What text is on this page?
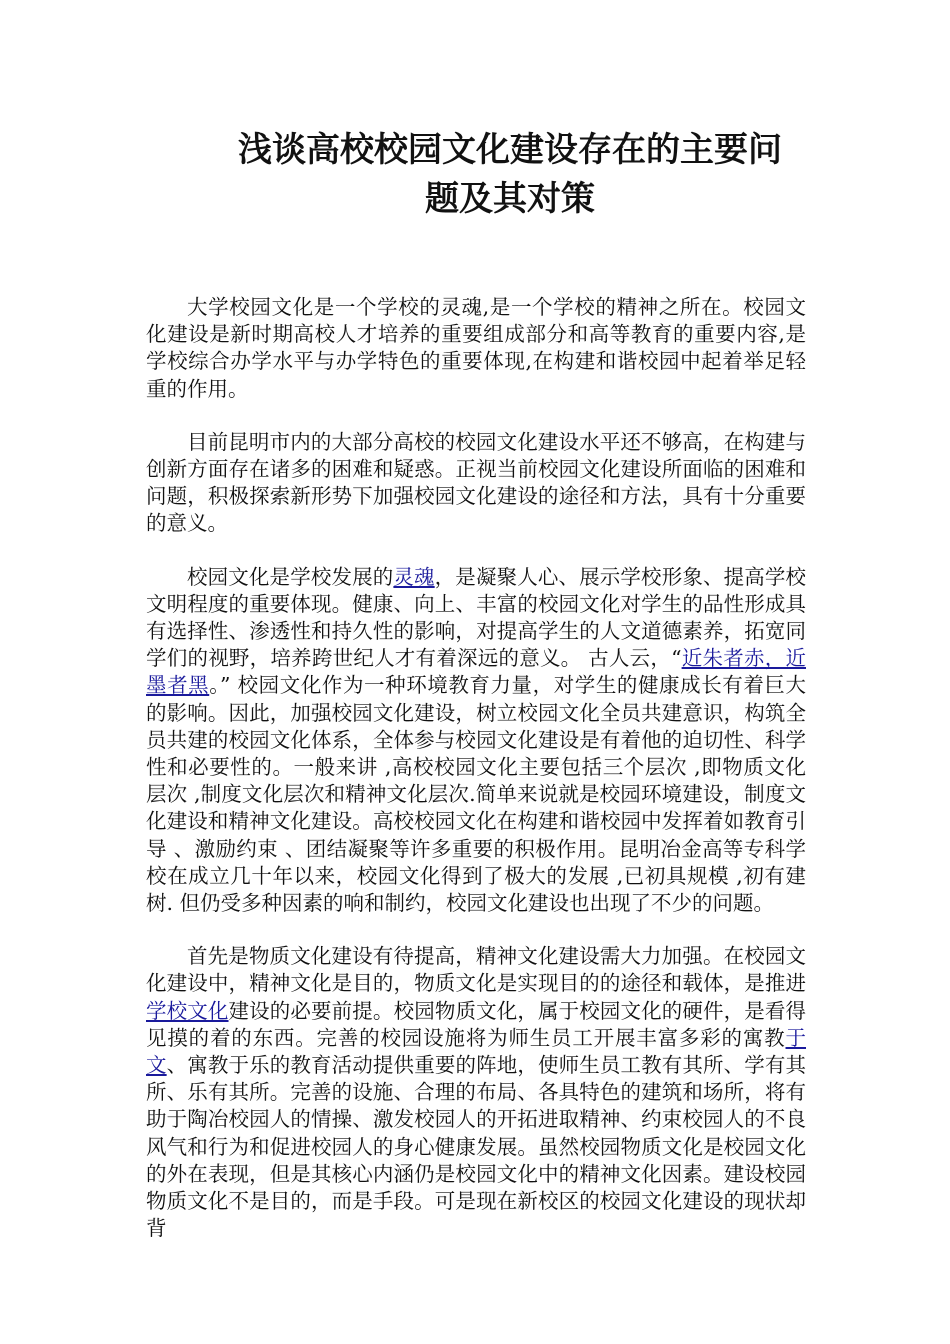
浅谈高校校园文化建设存在的主要问
题及其对策

大学校园文化是一个学校的灵魂,是一个学校的精神之所在。校园文化建设是新时期高校人才培养的重要组成部分和高等教育的重要内容,是学校综合办学水平与办学特色的重要体现,在构建和谐校园中起着举足轻重的作用。

目前昆明市内的大部分高校的校园文化建设水平还不够高，在构建与创新方面存在诸多的困难和疑惑。正视当前校园文化建设所面临的困难和问题，积极探索新形势下加强校园文化建设的途径和方法，具有十分重要的意义。

校园文化是学校发展的灵魂，是凝聚人心、展示学校形象、提高学校文明程度的重要体现。健康、向上、丰富的校园文化对学生的品性形成具有选择性、渗透性和持久性的影响，对提高学生的人文道德素养，拓宽同学们的视野，培养跨世纪人才有着深远的意义。 古人云，“近朱者赤，近墨者黑。” 校园文化作为一种环境教育力量，对学生的健康成长有着巨大的影响。因此，加强校园文化建设，树立校园文化全员共建意识，构筑全员共建的校园文化体系，全体参与校园文化建设是有着他的迫切性、科学性和必要性的。一般来讲 ,高校校园文化主要包括三个层次 ,即物质文化层次 ,制度文化层次和精神文化层次.简单来说就是校园环境建设，制度文化建设和精神文化建设。高校校园文化在构建和谐校园中发挥着如教育引导 、激励约束 、团结凝聚等许多重要的积极作用。昆明冶金高等专科学校在成立几十年以来，校园文化得到了极大的发展 ,已初具规模 ,初有建树. 但仍受多种因素的响和制约，校园文化建设也出现了不少的问题。

首先是物质文化建设有待提高，精神文化建设需大力加强。在校园文化建设中，精神文化是目的，物质文化是实现目的的途径和载体，是推进学校文化建设的必要前提。校园物质文化，属于校园文化的硬件，是看得见摸的着的东西。完善的校园设施将为师生员工开展丰富多彩的寓教于文、寓教于乐的教育活动提供重要的阵地，使师生员工教有其所、学有其所、乐有其所。完善的设施、合理的布局、各具特色的建筑和场所，将有助于陶冶校园人的情操、激发校园人的开拓进取精神、约束校园人的不良风气和行为和促进校园人的身心健康发展。虽然校园物质文化是校园文化的外在表现，但是其核心内涵仍是校园文化中的精神文化因素。建设校园物质文化不是目的，而是手段。可是现在新校区的校园文化建设的现状却背
